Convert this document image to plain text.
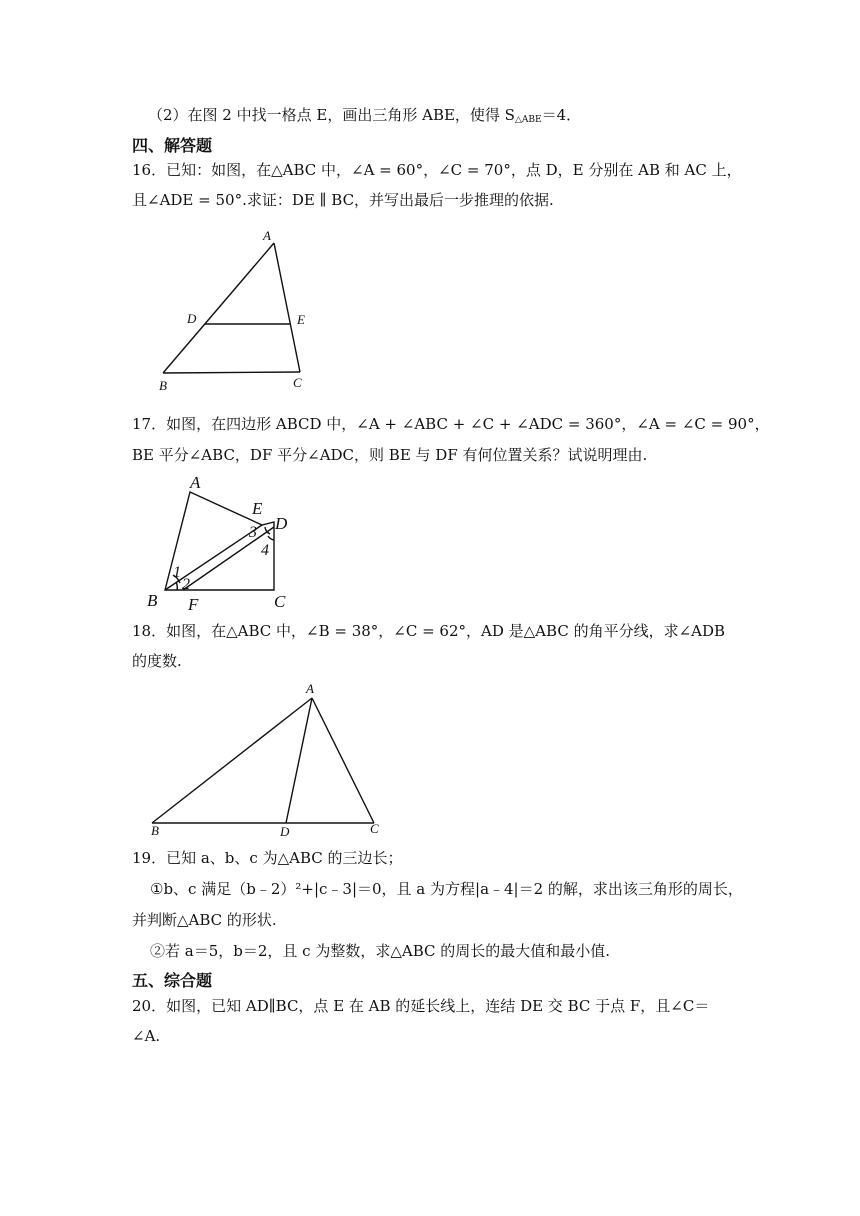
（2）在图 2 中找一格点 E，画出三角形 ABE，使得 $S_{\triangle ABE}=4$．
四、解答题
16．已知：如图，在△ABC 中，∠A = 60°，∠C = 70°，点 D，E 分别在 AB 和 AC 上，
且∠ADE = 50°.求证：DE ∥ BC，并写出最后一步推理的依据.
A
D	E
B	C
17．如图，在四边形 ABCD 中，∠A + ∠ABC + ∠C + ∠ADC = 360°，∠A = ∠C = 90°，
BE 平分∠ABC，DF 平分∠ADC，则 BE 与 DF 有何位置关系？试说明理由.
A
E
D
3
4
1
2
B F	C
18．如图，在△ABC 中，∠B = 38°，∠C = 62°，AD 是△ABC 的角平分线，求∠ADB
的度数.
A
B	D	C
19．已知 a、b、c 为△ABC 的三边长；
①b、c 满足（b﹣2）²+|c﹣3|＝0，且 a 为方程|a﹣4|＝2 的解，求出该三角形的周长，
并判断△ABC 的形状.
②若 a＝5，b＝2，且 c 为整数，求△ABC 的周长的最大值和最小值.
五、综合题
20．如图，已知 AD∥BC，点 E 在 AB 的延长线上，连结 DE 交 BC 于点 F，且∠C＝
∠A.
